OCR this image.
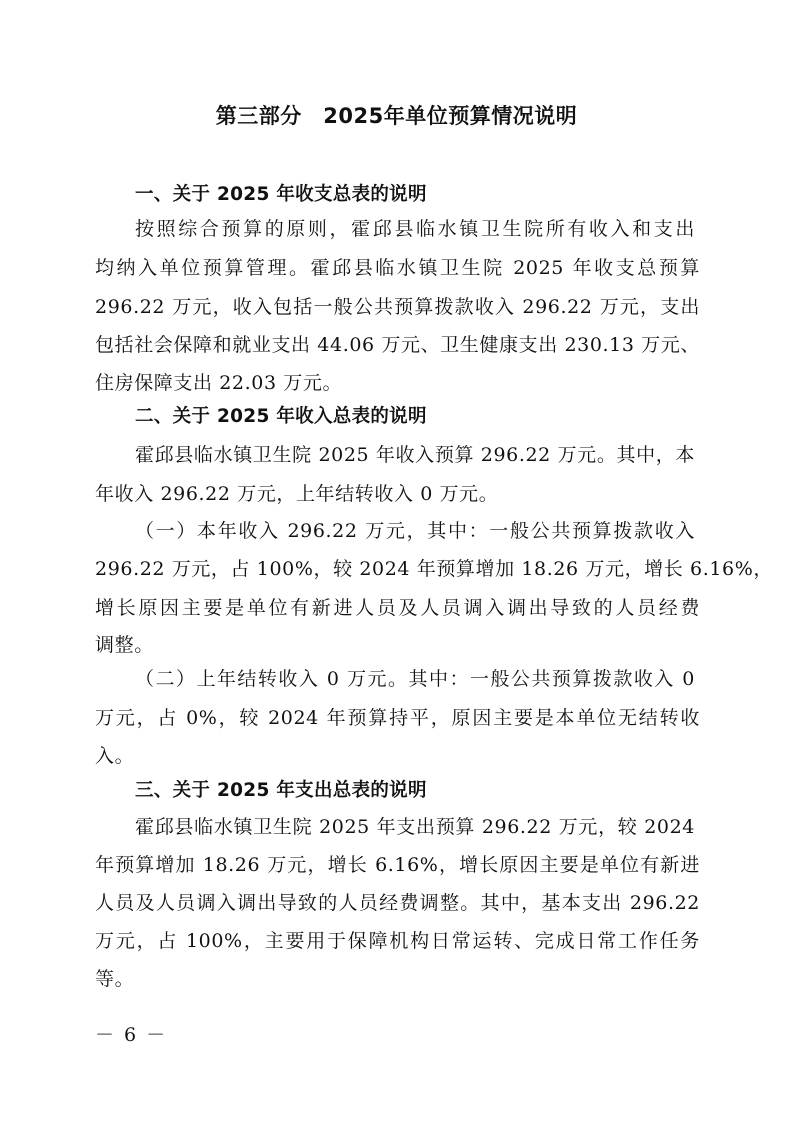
第三部分　2025年单位预算情况说明
一、关于 2025 年收支总表的说明
按照综合预算的原则，霍邱县临水镇卫生院所有收入和支出
均纳入单位预算管理。霍邱县临水镇卫生院 2025 年收支总预算
296.22 万元，收入包括一般公共预算拨款收入 296.22 万元，支出
包括社会保障和就业支出 44.06 万元、卫生健康支出 230.13 万元、
住房保障支出 22.03 万元。
二、关于 2025 年收入总表的说明
霍邱县临水镇卫生院 2025 年收入预算 296.22 万元。其中，本
年收入 296.22 万元，上年结转收入 0 万元。
（一）本年收入 296.22 万元，其中：一般公共预算拨款收入
296.22 万元，占 100%，较 2024 年预算增加 18.26 万元，增长 6.16%，
增长原因主要是单位有新进人员及人员调入调出导致的人员经费
调整。
（二）上年结转收入 0 万元。其中：一般公共预算拨款收入 0
万元，占 0%，较 2024 年预算持平，原因主要是本单位无结转收
入。
三、关于 2025 年支出总表的说明
霍邱县临水镇卫生院 2025 年支出预算 296.22 万元，较 2024
年预算增加 18.26 万元，增长 6.16%，增长原因主要是单位有新进
人员及人员调入调出导致的人员经费调整。其中，基本支出 296.22
万元，占 100%，主要用于保障机构日常运转、完成日常工作任务
等。
－ 6 －
